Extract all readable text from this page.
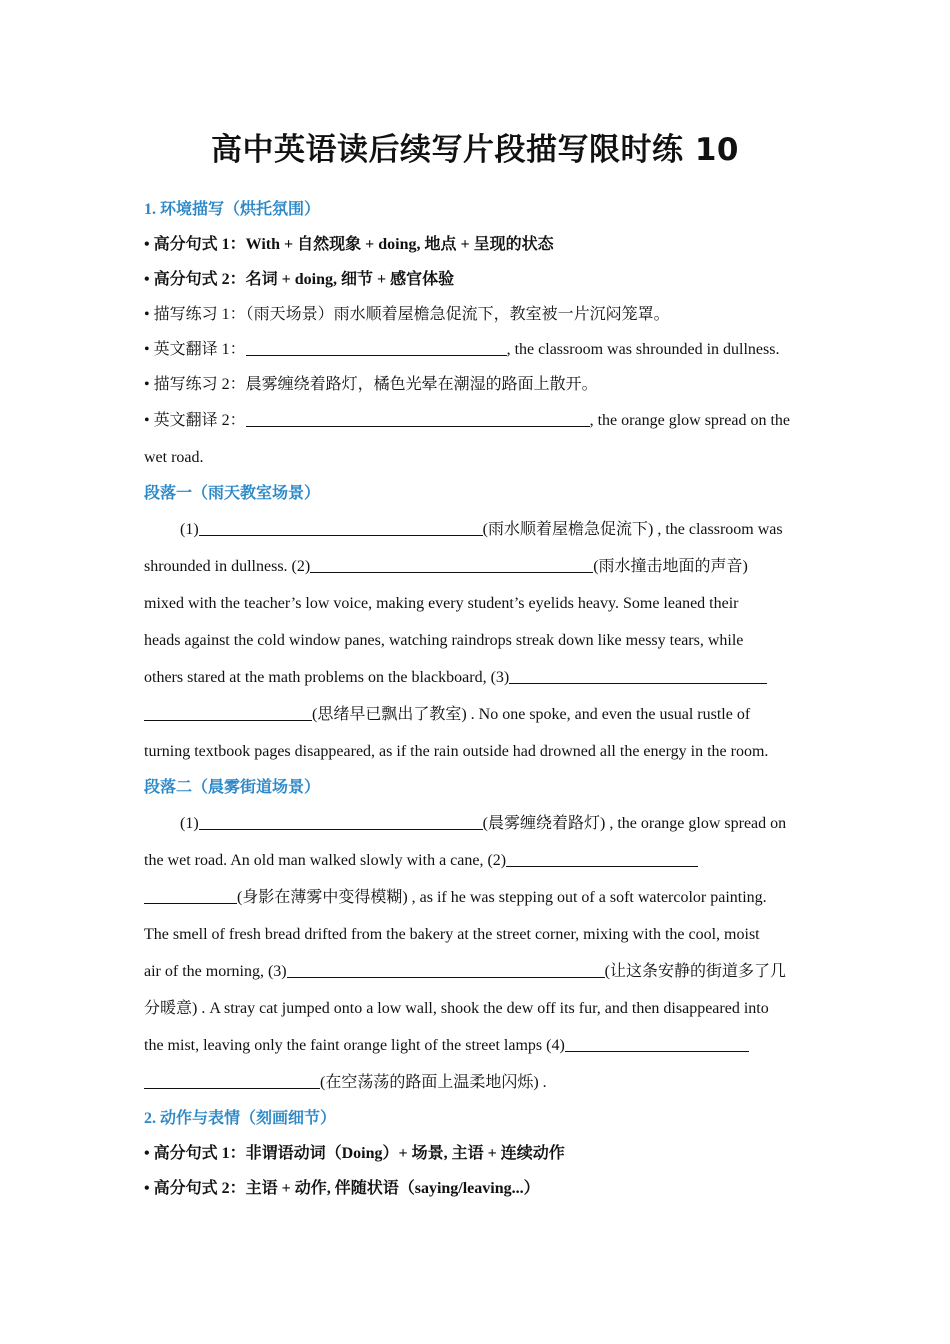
高中英语读后续写片段描写限时练 10
1. 环境描写（烘托氛围）
• 高分句式 1：With + 自然现象 + doing, 地点 + 呈现的状态
• 高分句式 2：名词 + doing, 细节 + 感官体验
• 描写练习 1：（雨天场景）雨水顺着屋檐急促流下，教室被一片沉闷笼罩。
• 英文翻译 1：	, the classroom was shrounded in dullness.
• 描写练习 2：晨雾缠绕着路灯，橘色光晕在潮湿的路面上散开。
• 英文翻译 2：	, the orange glow spread on the
wet road.
段落一（雨天教室场景）
(1)	(雨水顺着屋檐急促流下) , the classroom was
shrounded in dullness. (2)	(雨水撞击地面的声音)
mixed with the teacher’s low voice, making every student’s eyelids heavy. Some leaned their
heads against the cold window panes, watching raindrops streak down like messy tears, while
others stared at the math problems on the blackboard, (3)
(思绪早已飘出了教室) . No one spoke, and even the usual rustle of
turning textbook pages disappeared, as if the rain outside had drowned all the energy in the room.
段落二（晨雾街道场景）
(1)	(晨雾缠绕着路灯) , the orange glow spread on
the wet road. An old man walked slowly with a cane, (2)
(身影在薄雾中变得模糊) , as if he was stepping out of a soft watercolor painting.
The smell of fresh bread drifted from the bakery at the street corner, mixing with the cool, moist
air of the morning, (3)	(让这条安静的街道多了几
分暖意) . A stray cat jumped onto a low wall, shook the dew off its fur, and then disappeared into
the mist, leaving only the faint orange light of the street lamps (4)
(在空荡荡的路面上温柔地闪烁) .
2. 动作与表情（刻画细节）
• 高分句式 1：非谓语动词（Doing）+ 场景, 主语 + 连续动作
• 高分句式 2：主语 + 动作, 伴随状语（saying/leaving...）
